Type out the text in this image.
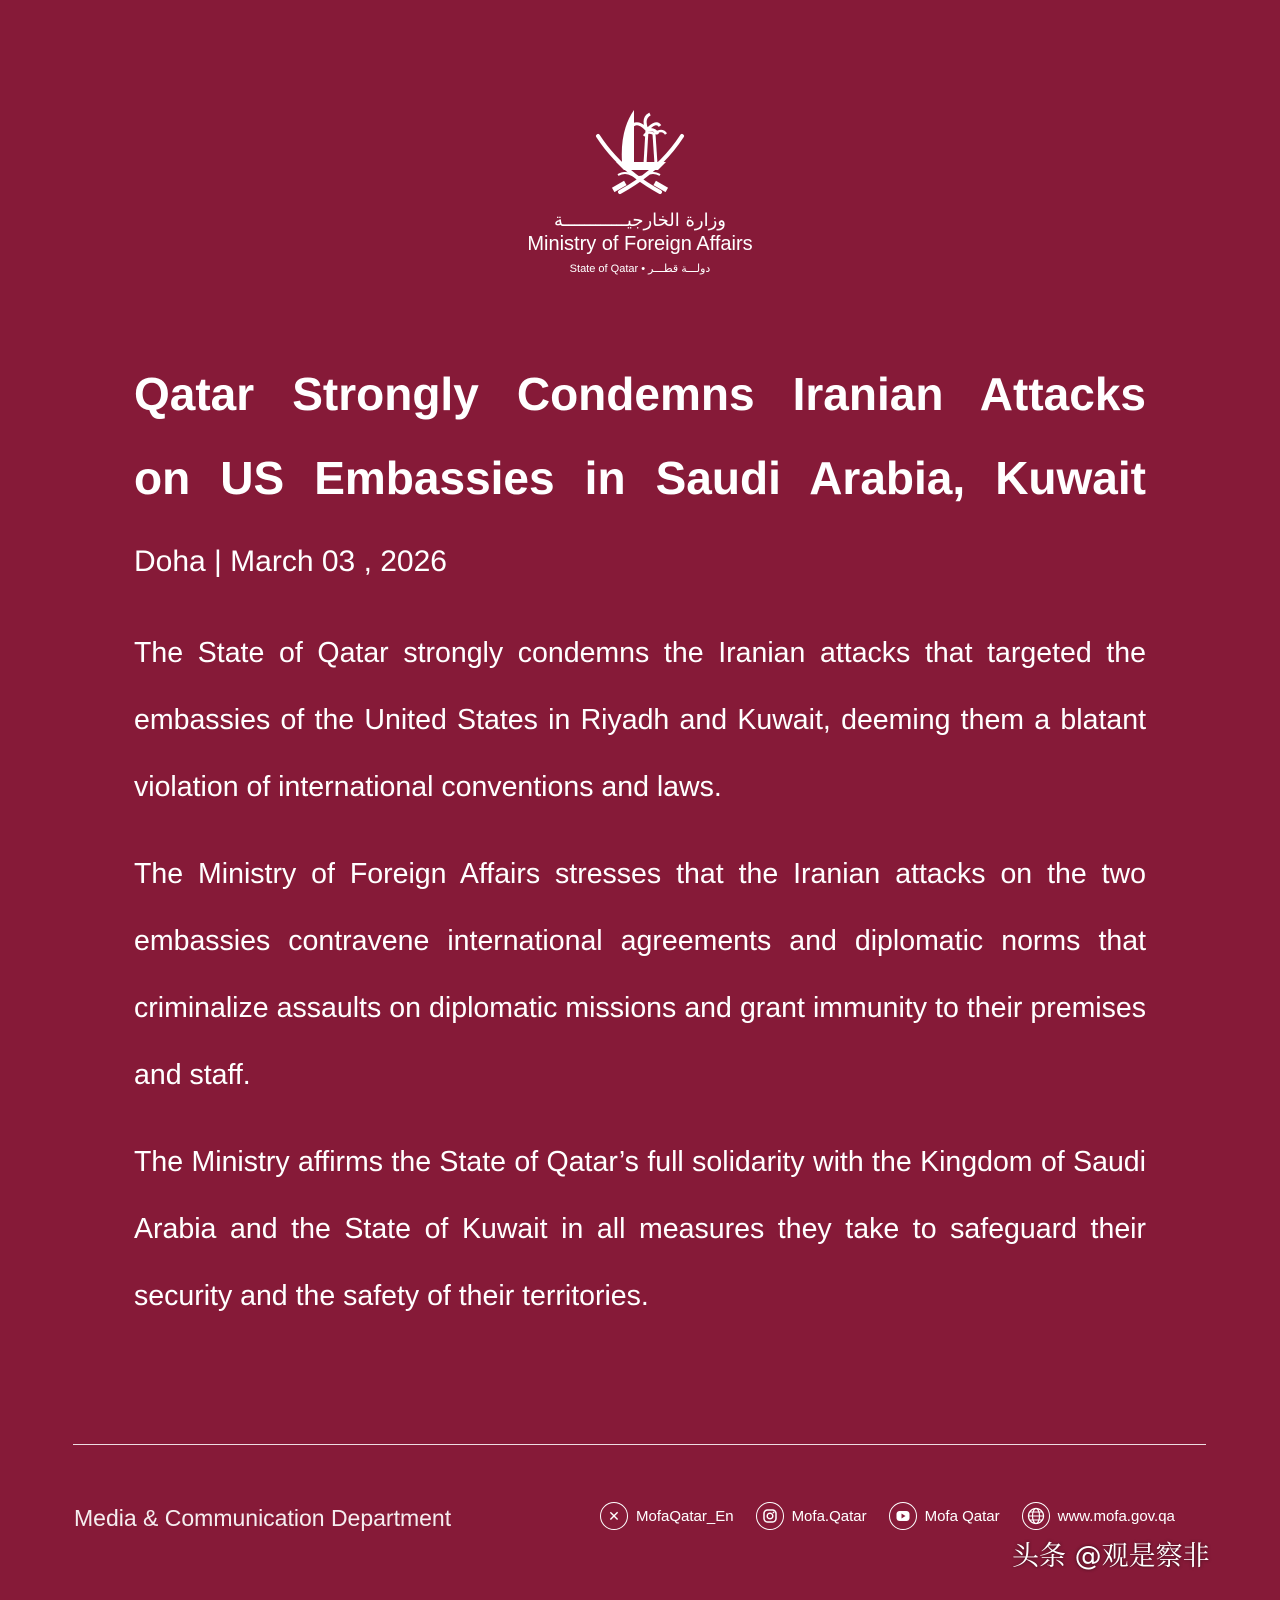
وزارة الخارجيــــــــــــة
Ministry of Foreign Affairs
State of Qatar • دولـــة قطـــر
Qatar Strongly Condemns Iranian Attacks
on US Embassies in Saudi Arabia, Kuwait

Doha | March 03 , 2026

The State of Qatar strongly condemns the Iranian attacks that targeted the embassies of the United States in Riyadh and Kuwait, deeming them a blatant violation of international conventions and laws.

The Ministry of Foreign Affairs stresses that the Iranian attacks on the two embassies contravene international agreements and diplomatic norms that criminalize assaults on diplomatic missions and grant immunity to their premises and staff.

The Ministry affirms the State of Qatar’s full solidarity with the Kingdom of Saudi Arabia and the State of Kuwait in all measures they take to safeguard their security and the safety of their territories.

Media & Communication Department	✕	MofaQatar_En	Mofa.Qatar	Mofa Qatar	www.mofa.gov.qa
头条 @观是察非
